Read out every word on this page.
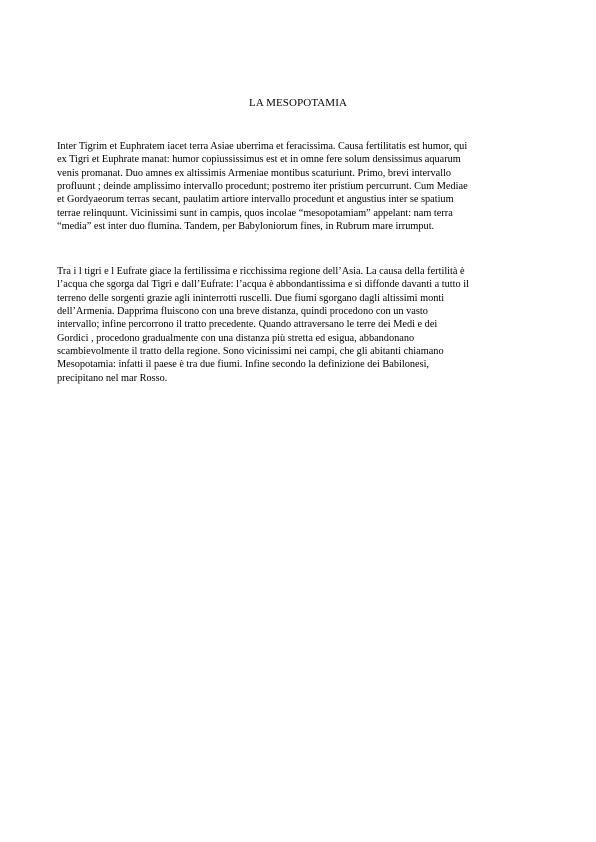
LA MESOPOTAMIA

Inter Tigrim et Euphratem iacet terra Asiae uberrima et feracissima. Causa fertilitatis est humor, qui
ex Tigri et Euphrate manat: humor copiussissimus est et in omne fere solum densissimus aquarum
venis promanat. Duo amnes ex altissimis Armeniae montibus scaturiunt. Primo, brevi intervallo
profluunt ; deinde amplissimo intervallo procedunt; postremo iter pristium percurrunt. Cum Mediae
et Gordyaeorum terras secant, paulatim artiore intervallo procedunt et angustius inter se spatium
terrae relinquunt. Vicinissimi sunt in campis, quos incolae “mesopotamiam” appelant: nam terra
“media” est inter duo flumina. Tandem, per Babyloniorum fines, in Rubrum mare irrumput.

Tra i l tigri e l Eufrate giace la fertilissima e ricchissima regione dell’Asia. La causa della fertilità è
l’acqua che sgorga dal Tigri e dall’Eufrate: l’acqua è abbondantissima e si diffonde davanti a tutto il
terreno delle sorgenti grazie agli ininterrotti ruscelli. Due fiumi sgorgano dagli altissimi monti
dell’Armenia. Dapprima fluiscono con una breve distanza, quindi procedono con un vasto
intervallo; infine percorrono il tratto precedente. Quando attraversano le terre dei Medi e dei
Gordici , procedono gradualmente con una distanza più stretta ed esigua, abbandonano
scambievolmente il tratto della regione. Sono vicinissimi nei campi, che gli abitanti chiamano
Mesopotamia: infatti il paese è tra due fiumi. Infine secondo la definizione dei Babilonesi,
precipitano nel mar Rosso.
